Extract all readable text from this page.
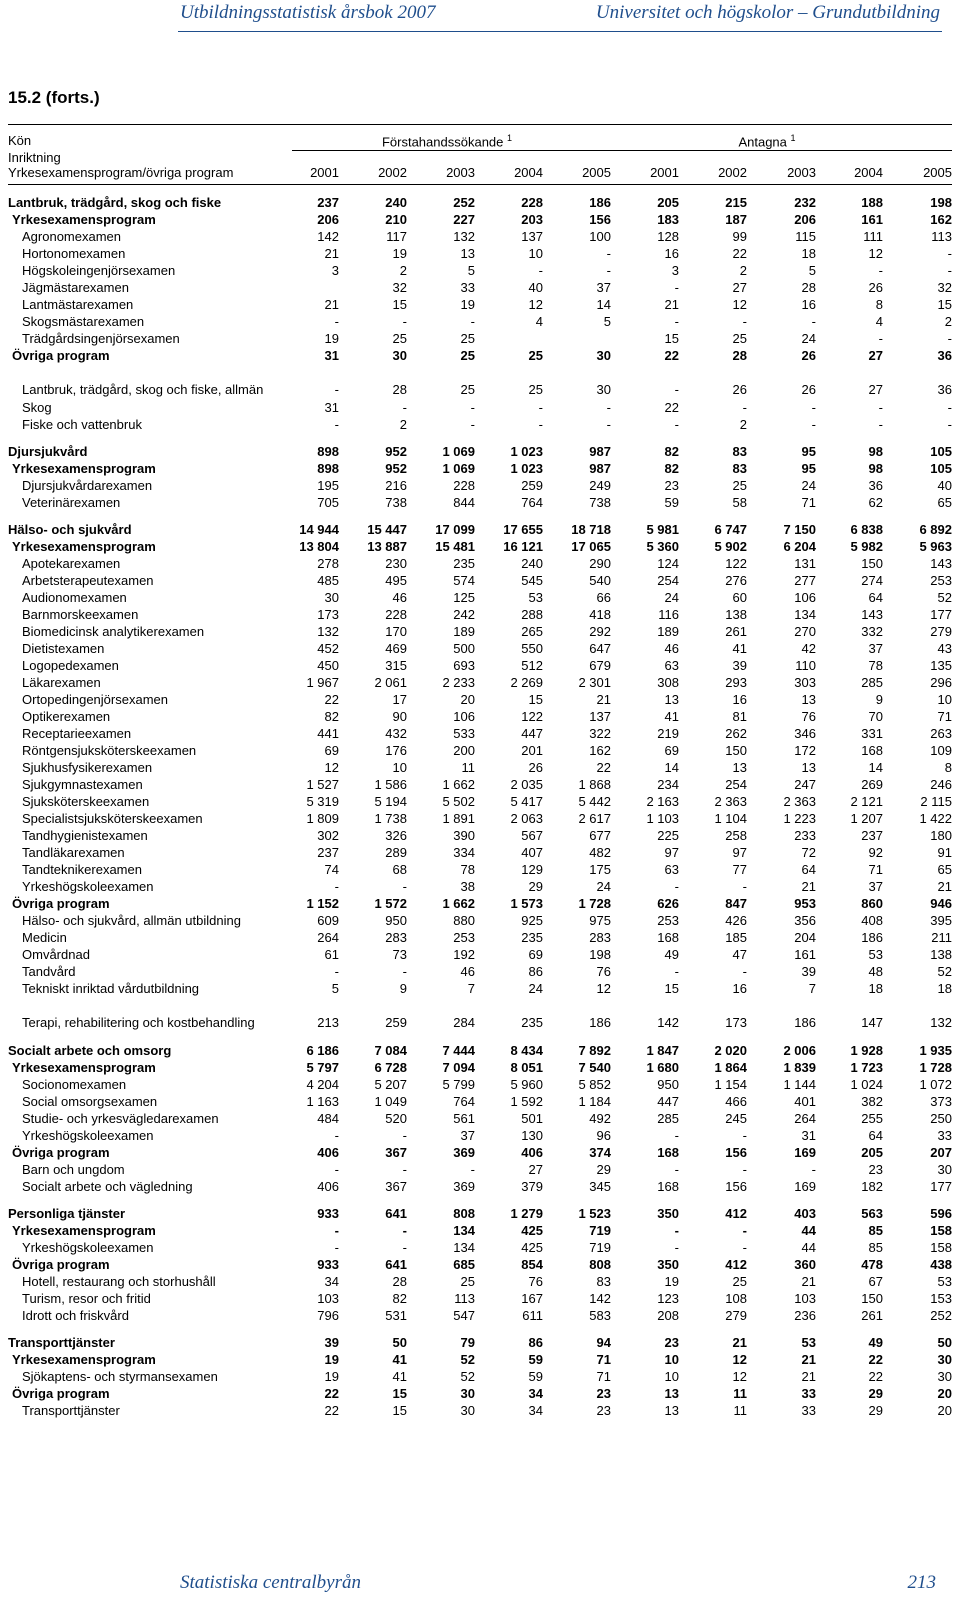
Utbildningsstatistisk årsbok 2007	Universitet och högskolor – Grundutbildning
15.2 (forts.)
Kön	Förstahandssökande $^1$	Antagna $^1$
Inriktning
Yrkesexamensprogram/övriga program	2001	2002	2003	2004	2005	2001	2002	2003	2004	2005
Lantbruk, trädgård, skog och fiske	237	240	252	228	186	205	215	232	188	198
Yrkesexamensprogram	206	210	227	203	156	183	187	206	161	162
Agronomexamen	142	117	132	137	100	128	99	115	111	113
Hortonomexamen	21	19	13	10	-	16	22	18	12	-
Högskoleingenjörsexamen	3	2	5	-	-	3	2	5	-	-
Jägmästarexamen		32	33	40	37	-	27	28	26	32
Lantmästarexamen	21	15	19	12	14	21	12	16	8	15
Skogsmästarexamen	-	-	-	4	5	-	-	-	4	2
Trädgårdsingenjörsexamen	19	25	25			15	25	24	-	-
Övriga program	31	30	25	25	30	22	28	26	27	36
Lantbruk, trädgård, skog och fiske, allmän	-	28	25	25	30	-	26	26	27	36
Skog	31	-	-	-	-	22	-	-	-	-
Fiske och vattenbruk	-	2	-	-	-	-	2	-	-	-

Djursjukvård	898	952	1 069	1 023	987	82	83	95	98	105
Yrkesexamensprogram	898	952	1 069	1 023	987	82	83	95	98	105
Djursjukvårdarexamen	195	216	228	259	249	23	25	24	36	40
Veterinärexamen	705	738	844	764	738	59	58	71	62	65

Hälso- och sjukvård	14 944	15 447	17 099	17 655	18 718	5 981	6 747	7 150	6 838	6 892
Yrkesexamensprogram	13 804	13 887	15 481	16 121	17 065	5 360	5 902	6 204	5 982	5 963
Apotekarexamen	278	230	235	240	290	124	122	131	150	143
Arbetsterapeutexamen	485	495	574	545	540	254	276	277	274	253
Audionomexamen	30	46	125	53	66	24	60	106	64	52
Barnmorskeexamen	173	228	242	288	418	116	138	134	143	177
Biomedicinsk analytikerexamen	132	170	189	265	292	189	261	270	332	279
Dietistexamen	452	469	500	550	647	46	41	42	37	43
Logopedexamen	450	315	693	512	679	63	39	110	78	135
Läkarexamen	1 967	2 061	2 233	2 269	2 301	308	293	303	285	296
Ortopedingenjörsexamen	22	17	20	15	21	13	16	13	9	10
Optikerexamen	82	90	106	122	137	41	81	76	70	71
Receptarieexamen	441	432	533	447	322	219	262	346	331	263
Röntgensjuksköterskeexamen	69	176	200	201	162	69	150	172	168	109
Sjukhusfysikerexamen	12	10	11	26	22	14	13	13	14	8
Sjukgymnastexamen	1 527	1 586	1 662	2 035	1 868	234	254	247	269	246
Sjuksköterskeexamen	5 319	5 194	5 502	5 417	5 442	2 163	2 363	2 363	2 121	2 115
Specialistsjuksköterskeexamen	1 809	1 738	1 891	2 063	2 617	1 103	1 104	1 223	1 207	1 422
Tandhygienistexamen	302	326	390	567	677	225	258	233	237	180
Tandläkarexamen	237	289	334	407	482	97	97	72	92	91
Tandteknikerexamen	74	68	78	129	175	63	77	64	71	65
Yrkeshögskoleexamen	-	-	38	29	24	-	-	21	37	21
Övriga program	1 152	1 572	1 662	1 573	1 728	626	847	953	860	946
Hälso- och sjukvård, allmän utbildning	609	950	880	925	975	253	426	356	408	395
Medicin	264	283	253	235	283	168	185	204	186	211
Omvårdnad	61	73	192	69	198	49	47	161	53	138
Tandvård	-	-	46	86	76	-	-	39	48	52
Tekniskt inriktad vårdutbildning	5	9	7	24	12	15	16	7	18	18
Terapi, rehabilitering och kostbehandling	213	259	284	235	186	142	173	186	147	132

Socialt arbete och omsorg	6 186	7 084	7 444	8 434	7 892	1 847	2 020	2 006	1 928	1 935
Yrkesexamensprogram	5 797	6 728	7 094	8 051	7 540	1 680	1 864	1 839	1 723	1 728
Socionomexamen	4 204	5 207	5 799	5 960	5 852	950	1 154	1 144	1 024	1 072
Social omsorgsexamen	1 163	1 049	764	1 592	1 184	447	466	401	382	373
Studie- och yrkesvägledarexamen	484	520	561	501	492	285	245	264	255	250
Yrkeshögskoleexamen	-	-	37	130	96	-	-	31	64	33
Övriga program	406	367	369	406	374	168	156	169	205	207
Barn och ungdom	-	-	-	27	29	-	-	-	23	30
Socialt arbete och vägledning	406	367	369	379	345	168	156	169	182	177

Personliga tjänster	933	641	808	1 279	1 523	350	412	403	563	596
Yrkesexamensprogram	-	-	134	425	719	-	-	44	85	158
Yrkeshögskoleexamen	-	-	134	425	719	-	-	44	85	158
Övriga program	933	641	685	854	808	350	412	360	478	438
Hotell, restaurang och storhushåll	34	28	25	76	83	19	25	21	67	53
Turism, resor och fritid	103	82	113	167	142	123	108	103	150	153
Idrott och friskvård	796	531	547	611	583	208	279	236	261	252

Transporttjänster	39	50	79	86	94	23	21	53	49	50
Yrkesexamensprogram	19	41	52	59	71	10	12	21	22	30
Sjökaptens- och styrmansexamen	19	41	52	59	71	10	12	21	22	30
Övriga program	22	15	30	34	23	13	11	33	29	20
Transporttjänster	22	15	30	34	23	13	11	33	29	20
Statistiska centralbyrån	213
